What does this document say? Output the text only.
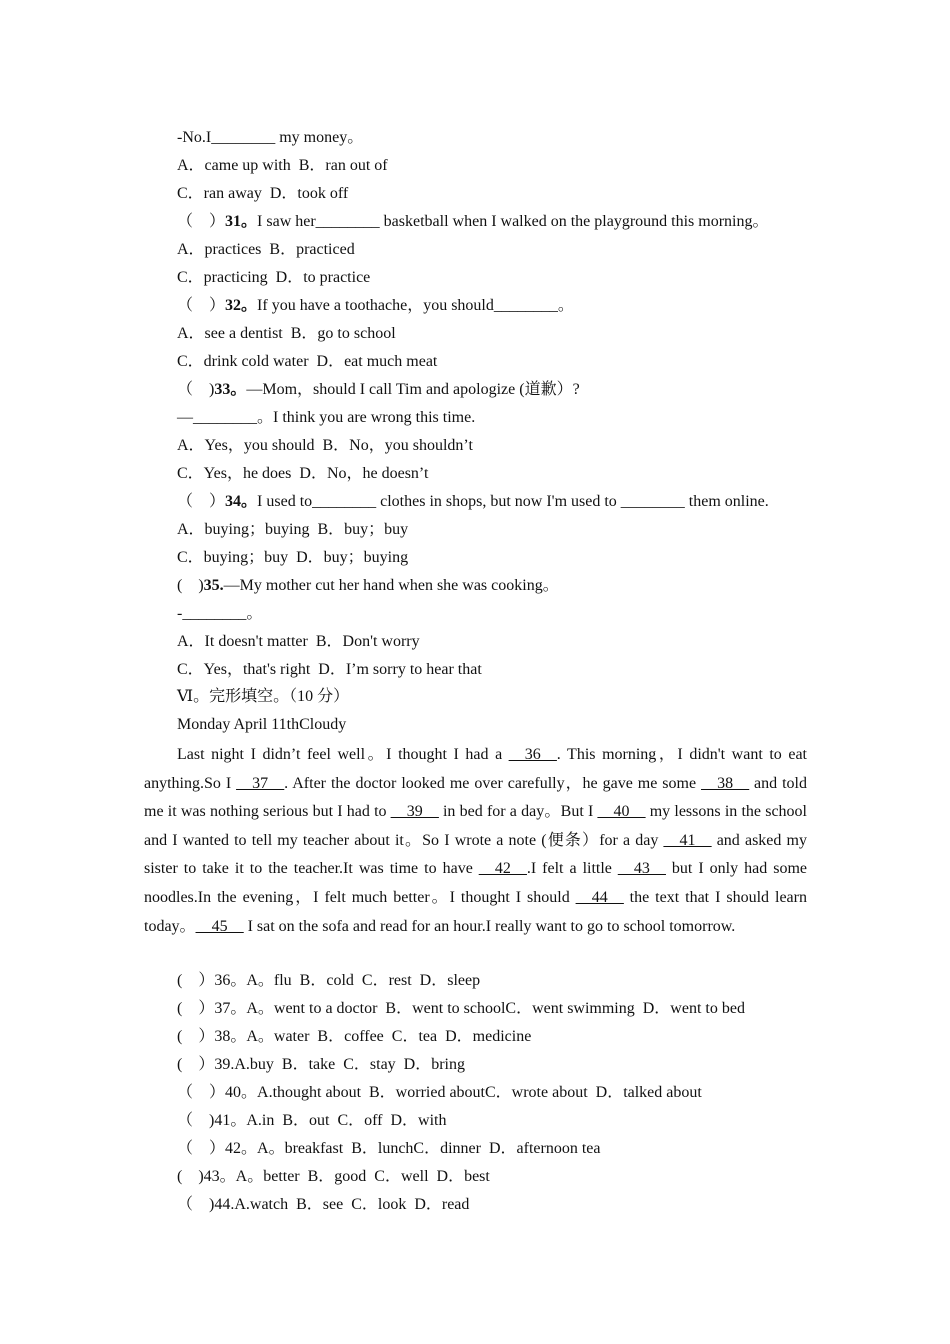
-No.I________ my money。
A．came up with  B．ran out of
C．ran away  D．took off
（    ）31。I saw her________ basketball when I walked on the playground this morning。
A．practices  B．practiced
C．practicing  D．to practice
（    ）32。If you have a toothache，you should________。
A．see a dentist  B．go to school
C．drink cold water  D．eat much meat
（    )33。—Mom，should I call Tim and apologize (道歉）?
—________。I think you are wrong this time.
A．Yes，you should  B．No，you shouldn’t
C．Yes，he does  D．No，he doesn’t
（    ）34。I used to________ clothes in shops, but now I'm used to ________ them online.
A．buying；buying  B．buy；buy
C．buying；buy  D．buy；buying
(    )35.—My mother cut her hand when she was cooking。
-________。
A．It doesn't matter  B．Don't worry
C．Yes，that's right  D．I’m sorry to hear that
Ⅵ。完形填空。（10 分）
Monday April 11thCloudy
Last night I didn’t feel well。I thought I had a __36__. This morning，I didn't want to eat anything.So I __37__. After the doctor looked me over carefully，he gave me some __38__ and told me it was nothing serious but I had to __39__ in bed for a day。But I __40__ my lessons in the school and I wanted to tell my teacher about it。So I wrote a note (便条）for a day __41__ and asked my sister to take it to the teacher.It was time to have __42__.I felt a little __43__ but I only had some noodles.In the evening，I felt much better。I thought I should __44__ the text that I should learn today。__45__ I sat on the sofa and read for an hour.I really want to go to school tomorrow.
(    ）36。A。flu  B．cold  C．rest  D．sleep
(    ）37。A。went to a doctor  B．went to schoolC．went swimming  D．went to bed
(    ）38。A。water  B．coffee  C．tea  D．medicine
(    ）39.A.buy  B．take  C．stay  D．bring
（    ）40。A.thought about  B．worried aboutC．wrote about  D．talked about
（    )41。A.in  B．out  C．off  D．with
（    ）42。A。breakfast  B．lunchC．dinner  D．afternoon tea
(    )43。A。better  B．good  C．well  D．best
（    )44.A.watch  B．see  C．look  D．read
